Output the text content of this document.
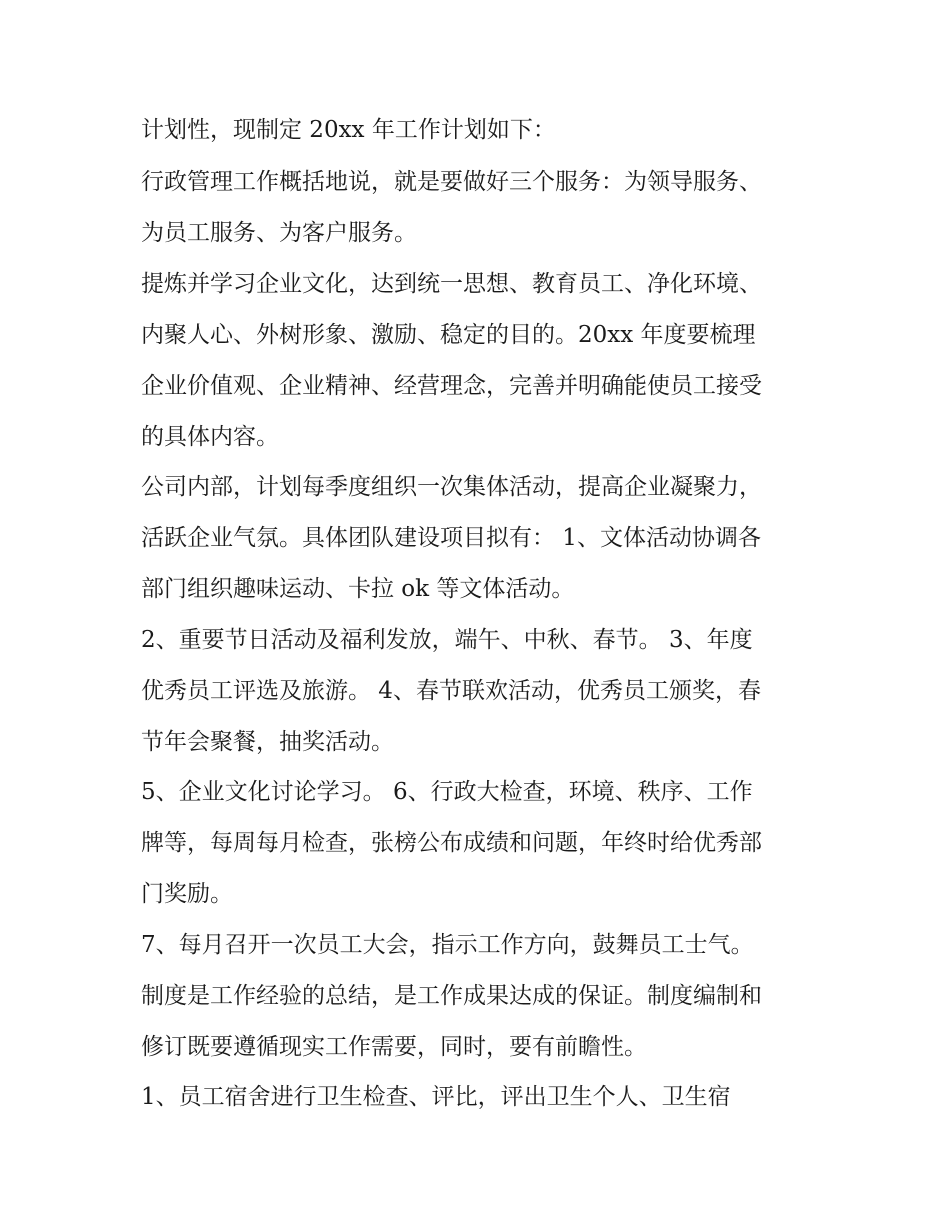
计划性，现制定 20xx 年工作计划如下：

行政管理工作概括地说，就是要做好三个服务：为领导服务、

为员工服务、为客户服务。

提炼并学习企业文化，达到统一思想、教育员工、净化环境、

内聚人心、外树形象、激励、稳定的目的。20xx 年度要梳理

企业价值观、企业精神、经营理念，完善并明确能使员工接受

的具体内容。

公司内部，计划每季度组织一次集体活动，提高企业凝聚力，

活跃企业气氛。具体团队建设项目拟有： 1、文体活动协调各

部门组织趣味运动、卡拉 ok 等文体活动。

2、重要节日活动及福利发放，端午、中秋、春节。 3、年度

优秀员工评选及旅游。 4、春节联欢活动，优秀员工颁奖，春

节年会聚餐，抽奖活动。

5、企业文化讨论学习。 6、行政大检查，环境、秩序、工作

牌等，每周每月检查，张榜公布成绩和问题，年终时给优秀部

门奖励。

7、每月召开一次员工大会，指示工作方向，鼓舞员工士气。

制度是工作经验的总结，是工作成果达成的保证。制度编制和

修订既要遵循现实工作需要，同时，要有前瞻性。

1、员工宿舍进行卫生检查、评比，评出卫生个人、卫生宿
